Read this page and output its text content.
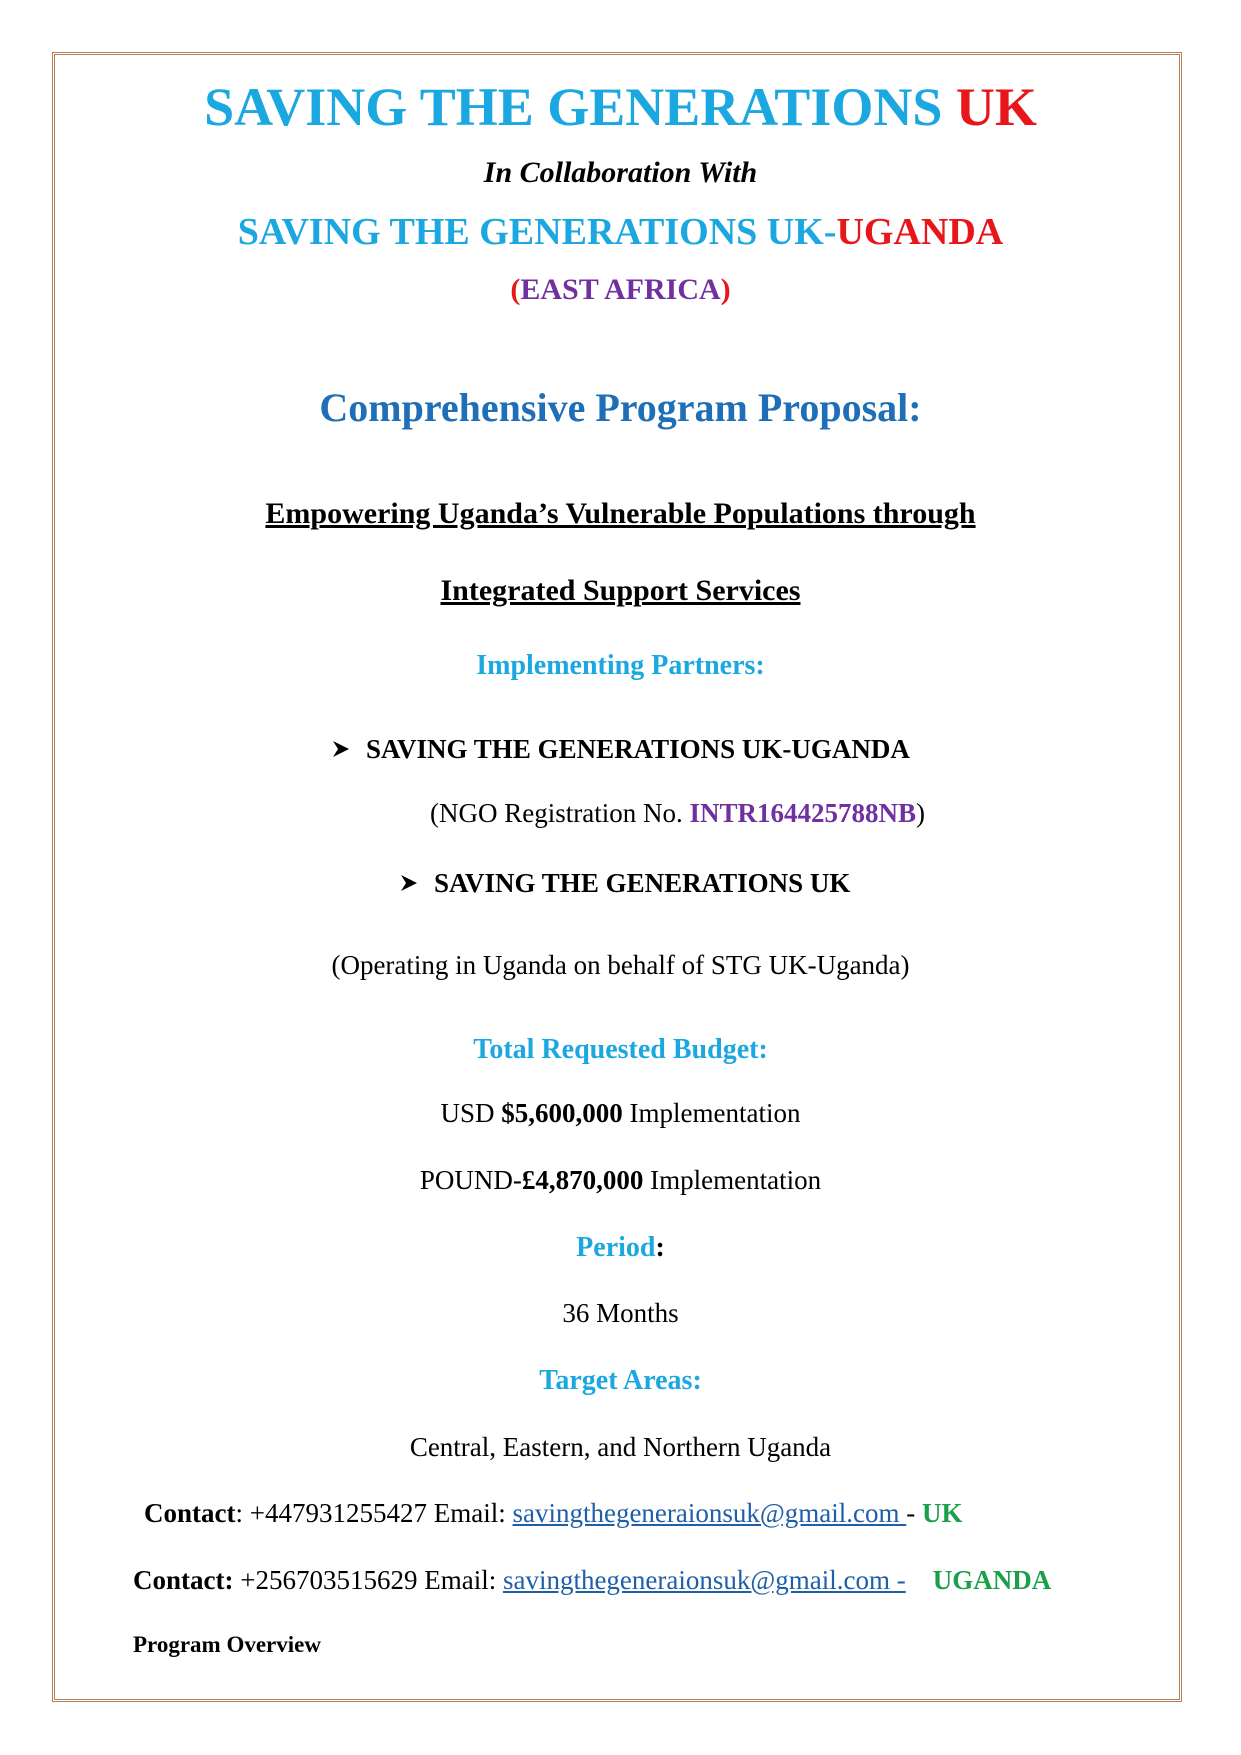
SAVING THE GENERATIONS UK
In Collaboration With
SAVING THE GENERATIONS UK-UGANDA
(EAST AFRICA)
Comprehensive Program Proposal:
Empowering Uganda’s Vulnerable Populations through
Integrated Support Services
Implementing Partners:
SAVING THE GENERATIONS UK-UGANDA
(NGO Registration No. INTR164425788NB)
SAVING THE GENERATIONS UK
(Operating in Uganda on behalf of STG UK-Uganda)
Total Requested Budget:
USD $5,600,000 Implementation
POUND-£4,870,000 Implementation
Period:
36 Months
Target Areas:
Central, Eastern, and Northern Uganda
Contact: +447931255427 Email: savingthegeneraionsuk@gmail.com - UK
Contact: +256703515629 Email: savingthegeneraionsuk@gmail.com - UGANDA
Program Overview
